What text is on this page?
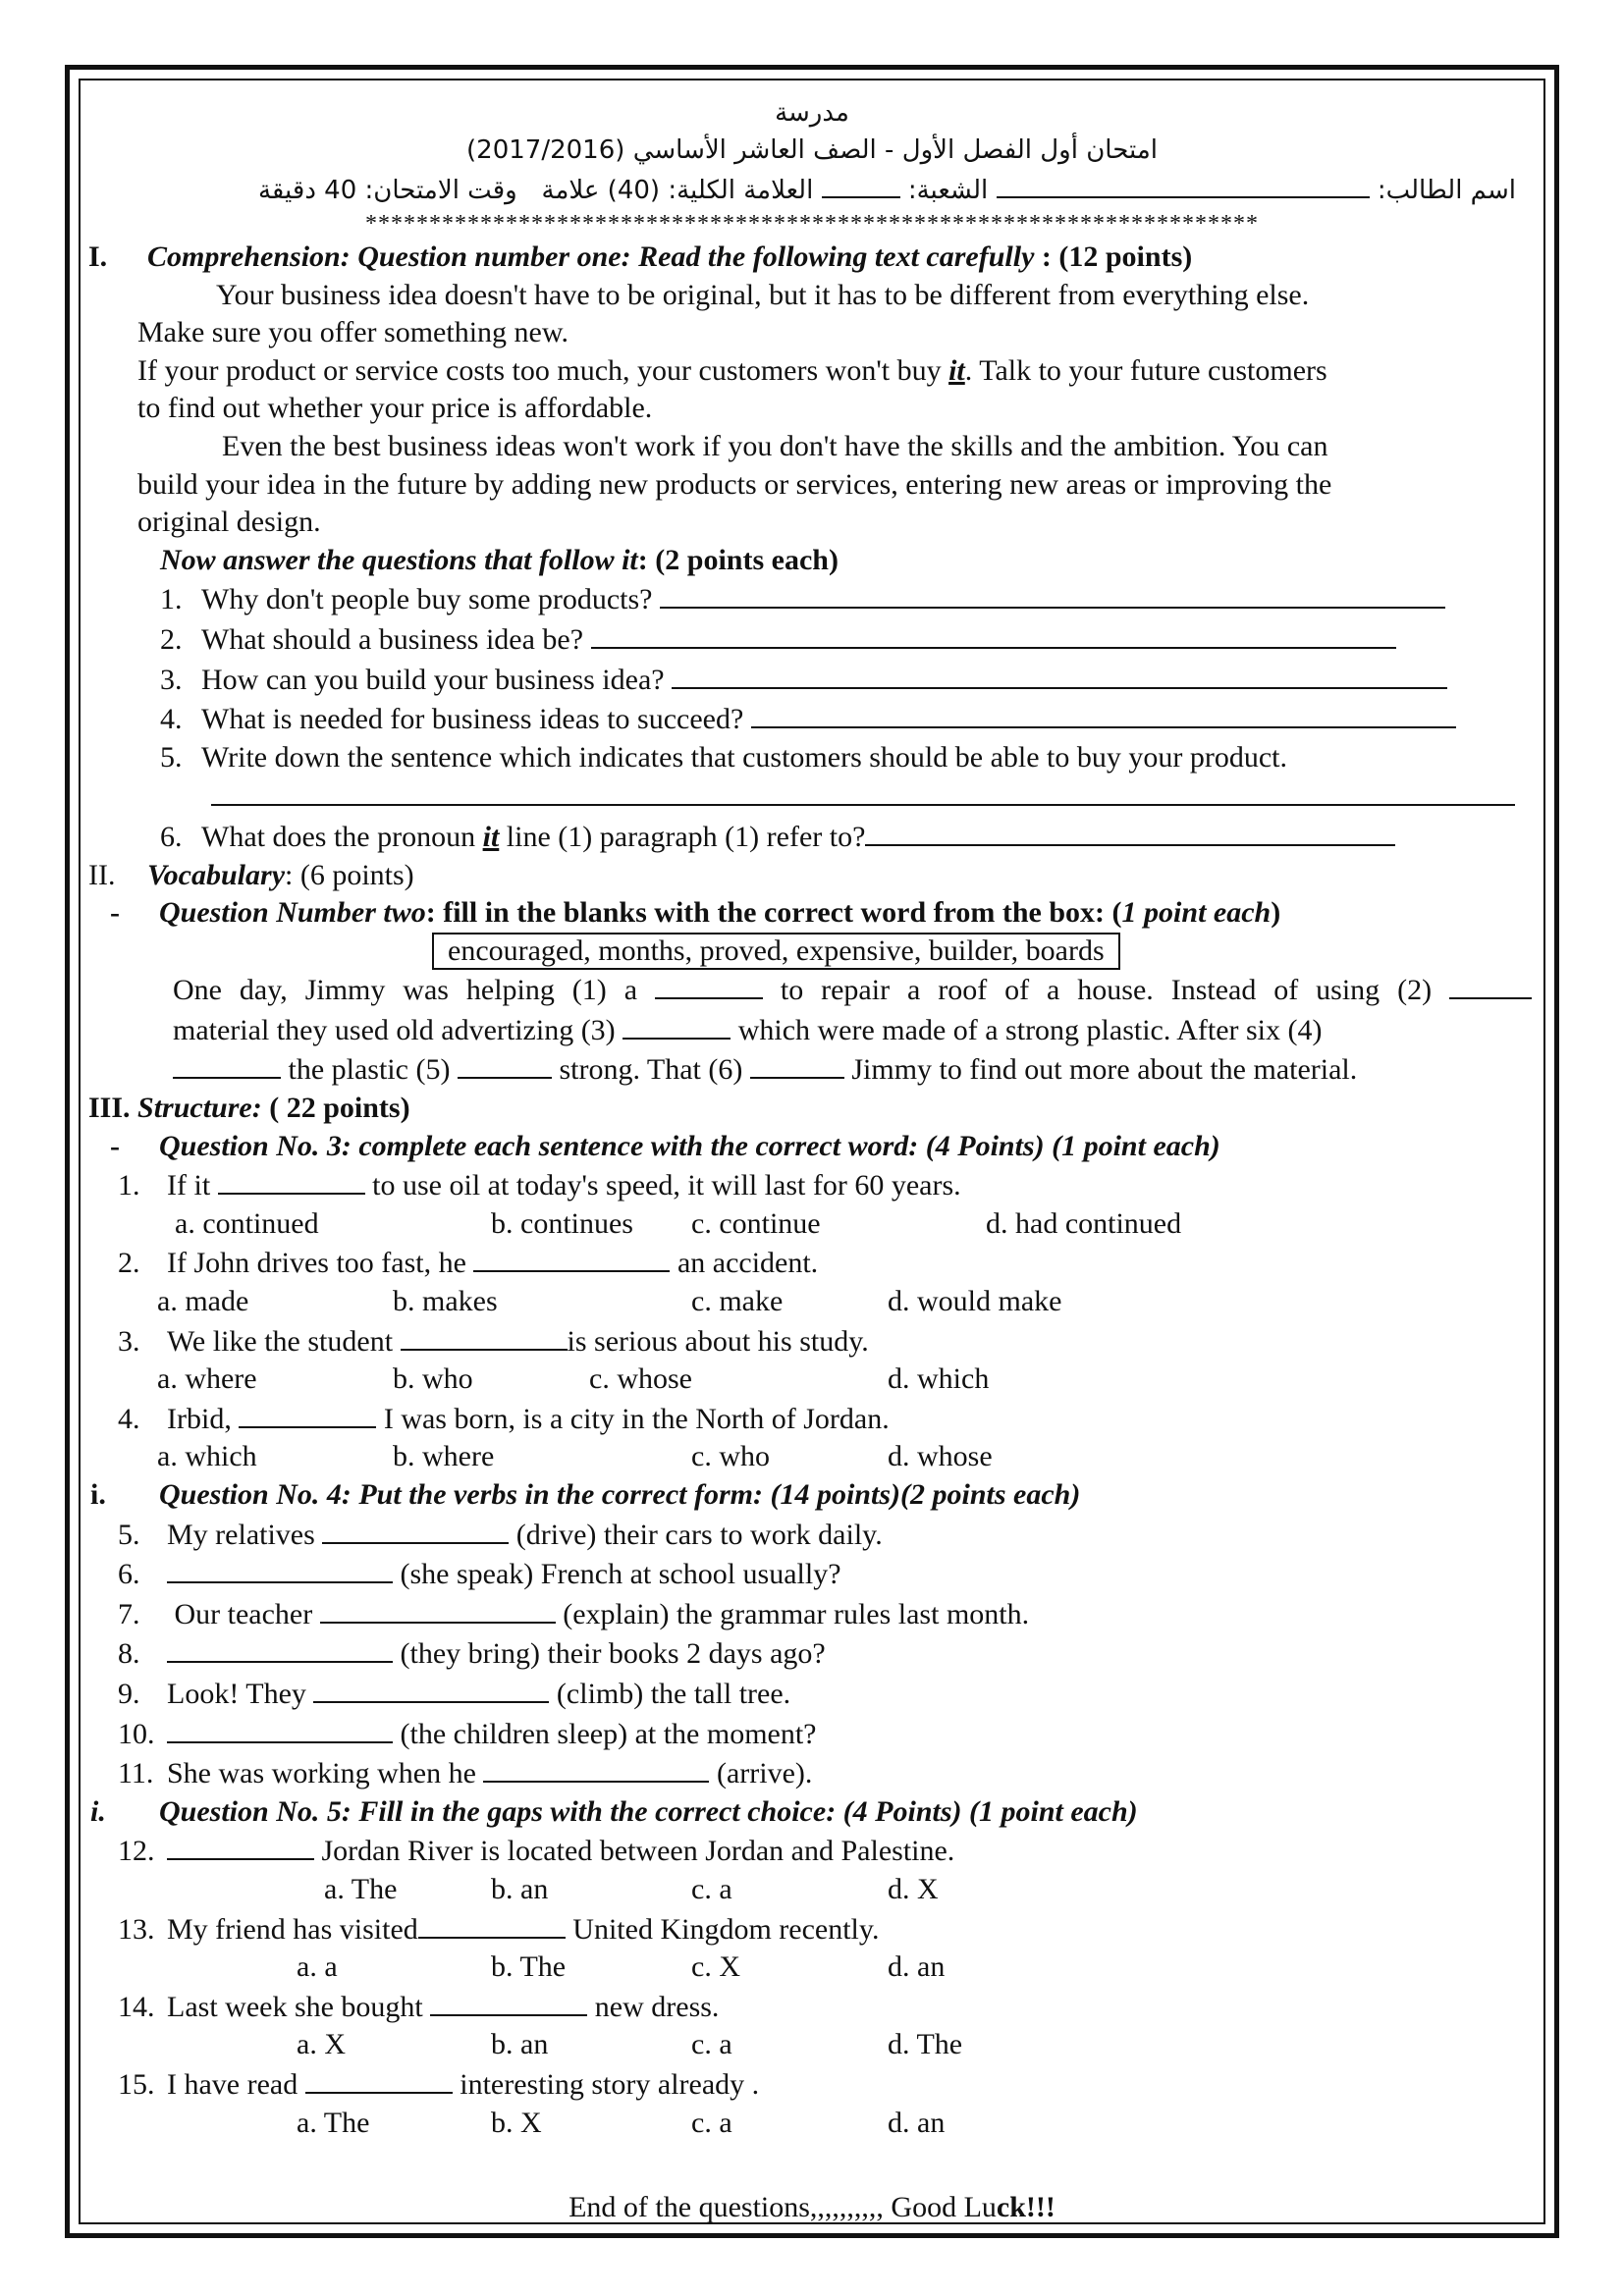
مدرسة
امتحان أول الفصل الأول - الصف العاشر الأساسي (2017/2016)
اسم الطالب:  الشعبة:  العلامة الكلية: (40) علامة   وقت الامتحان: 40 دقيقة
**********************************************************************
I. Comprehension: Question number one: Read the following text carefully : (12 points)
Your business idea doesn't have to be original, but it has to be different from everything else.
Make sure you offer something new.
If your product or service costs too much, your customers won't buy it. Talk to your future customers
to find out whether your price is affordable.
Even the best business ideas won't work if you don't have the skills and the ambition. You can
build your idea in the future by adding new products or services, entering new areas or improving the
original design.
Now answer the questions that follow it: (2 points each)
1. Why don't people buy some products?
2. What should a business idea be?
3. How can you build your business idea?
4. What is needed for business ideas to succeed?
5. Write down the sentence which indicates that customers should be able to buy your product.
6. What does the pronoun it line (1) paragraph (1) refer to?
II. Vocabulary: (6 points)
- Question Number two: fill in the blanks with the correct word from the box: (1 point each)
encouraged, months, proved, expensive, builder, boards
One day, Jimmy was helping (1) a	to repair a roof of a house. Instead of using (2)
material they used old advertizing (3)	which were made of a strong plastic. After six (4)
the plastic (5)	strong. That (6)	Jimmy to find out more about the material.
III. Structure: ( 22 points)
- Question No. 3: complete each sentence with the correct word: (4 Points) (1 point each)
1. If it	to use oil at today's speed, it will last for 60 years.
a. continued	b. continues c. continue	d. had continued
2. If John drives too fast, he	an accident.
a. made	b. makes	c. make	d. would make
3. We like the student	is serious about his study.
a. where	b. who	c. whose	d. which
4. Irbid,	I was born, is a city in the North of Jordan.
a. which	b. where	c. who	d. whose
i. Question No. 4: Put the verbs in the correct form: (14 points)(2 points each)
5. My relatives	(drive) their cars to work daily.
6.	(she speak) French at school usually?
7. Our teacher	(explain) the grammar rules last month.
8.	(they bring) their books 2 days ago?
9. Look! They	(climb) the tall tree.
10.	(the children sleep) at the moment?
11. She was working when he	(arrive).
i. Question No. 5: Fill in the gaps with the correct choice: (4 Points) (1 point each)
12.	Jordan River is located between Jordan and Palestine.
a. The	b. an	c. a	d. X
13. My friend has visited	United Kingdom recently.
a. a	b. The	c. X	d. an
14. Last week she bought	new dress.
a. X	b. an	c. a	d. The
15. I have read	interesting story already .
a. The	b. X	c. a	d. an
End of the questions,,,,,,,,,, Good Luck!!!
